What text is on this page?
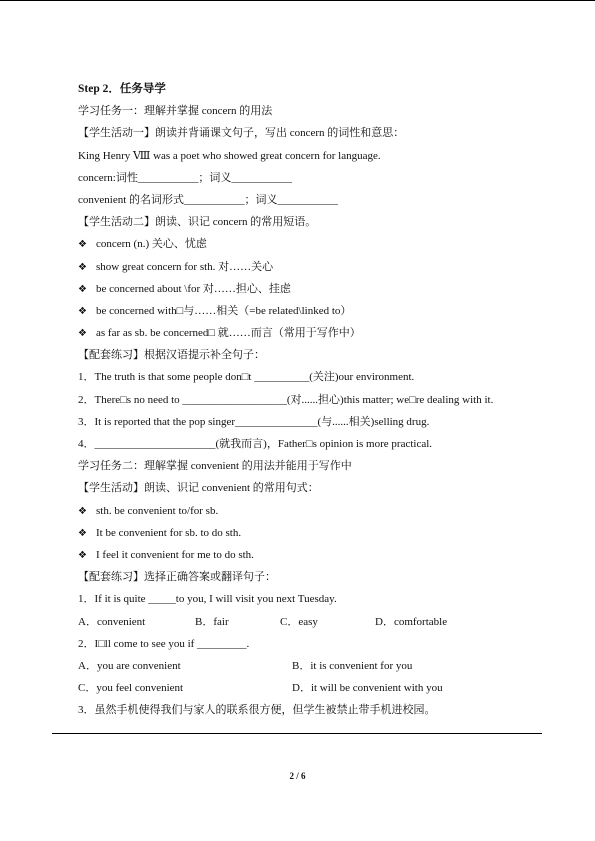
Step 2．任务导学
学习任务一：理解并掌握 concern 的用法
【学生活动一】朗读并背诵课文句子，写出 concern 的词性和意思：
King Henry Ⅷ was a poet who showed great concern for language.
concern:词性___________；词义___________
convenient 的名词形式___________；词义___________
【学生活动二】朗读、识记 concern 的常用短语。
❖ concern (n.) 关心、忧虑
❖ show great concern for sth. 对……关心
❖ be concerned about \for 对……担心、挂虑
❖ be concerned with□与……相关（=be related\linked to）
❖ as far as sb. be concerned□ 就……而言（常用于写作中）
【配套练习】根据汉语提示补全句子：
1．The truth is that some people don□t __________(关注)our environment.
2．There□s no need to ___________________(对......担心)this matter; we□re dealing with it.
3．It is reported that the pop singer_______________(与......相关)selling drug.
4．______________________(就我而言)，Father□s opinion is more practical.
学习任务二：理解掌握 convenient 的用法并能用于写作中
【学生活动】朗读、识记 convenient 的常用句式：
❖ sth. be convenient to/for sb.
❖ It be convenient for sb. to do sth.
❖ I feel it convenient for me to do sth.
【配套练习】选择正确答案或翻译句子：
1．If it is quite _____to you, I will visit you next Tuesday.
A．convenient	B．fair	C．easy	D．comfortable
2．I□ll come to see you if _________.
A．you are convenient	B．it is convenient for you
C．you feel convenient	D．it will be convenient with you
3．虽然手机使得我们与家人的联系很方便，但学生被禁止带手机进校园。
2 / 6
